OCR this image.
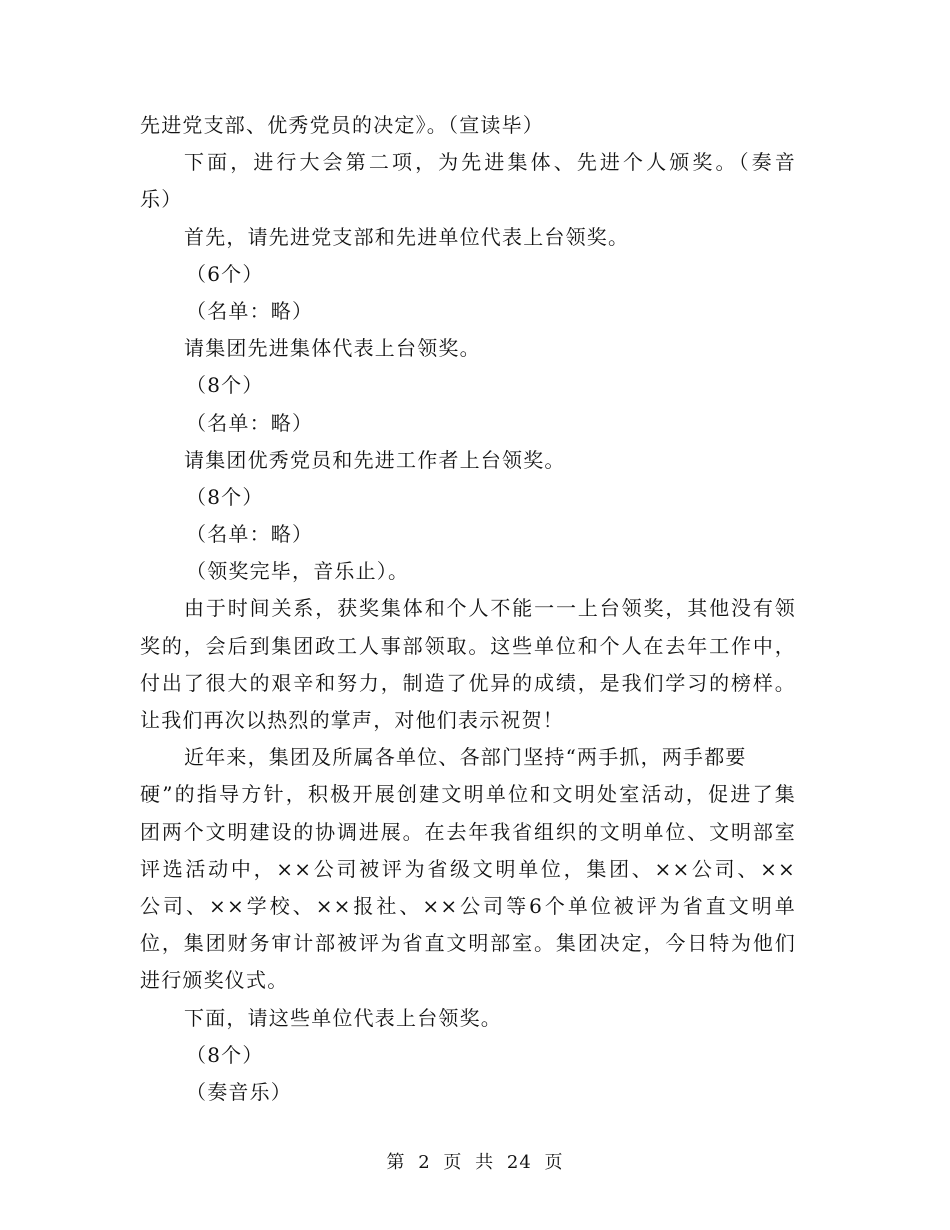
先进党支部、优秀党员的决定》。（宣读毕）
下面，进行大会第二项，为先进集体、先进个人颁奖。（奏音
乐）
首先，请先进党支部和先进单位代表上台领奖。
（6个）
（名单：略）
请集团先进集体代表上台领奖。
（8个）
（名单：略）
请集团优秀党员和先进工作者上台领奖。
（8个）
（名单：略）
（领奖完毕，音乐止）。
由于时间关系，获奖集体和个人不能一一上台领奖，其他没有领
奖的，会后到集团政工人事部领取。这些单位和个人在去年工作中，
付出了很大的艰辛和努力，制造了优异的成绩，是我们学习的榜样。
让我们再次以热烈的掌声，对他们表示祝贺！
近年来，集团及所属各单位、各部门坚持“两手抓，两手都要
硬”的指导方针，积极开展创建文明单位和文明处室活动，促进了集
团两个文明建设的协调进展。在去年我省组织的文明单位、文明部室
评选活动中，××公司被评为省级文明单位，集团、××公司、××
公司、××学校、××报社、××公司等6个单位被评为省直文明单
位，集团财务审计部被评为省直文明部室。集团决定，今日特为他们
进行颁奖仪式。
下面，请这些单位代表上台领奖。
（8个）
（奏音乐）
第 2 页 共 24 页
